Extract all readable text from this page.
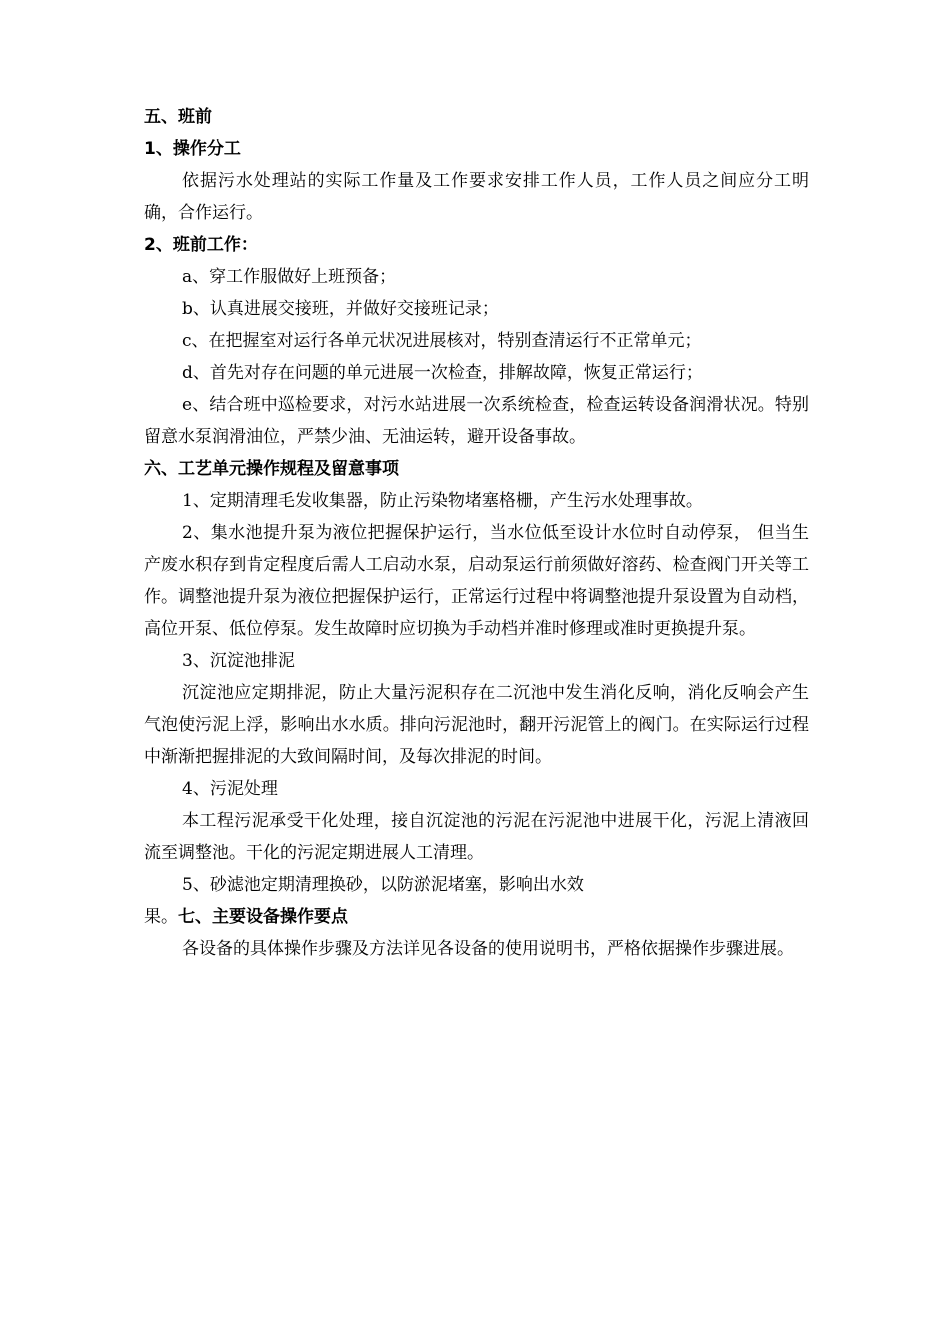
五、班前

1、操作分工

依据污水处理站的实际工作量及工作要求安排工作人员，工作人员之间应分工明确，合作运行。

2、班前工作：

a、穿工作服做好上班预备；

b、认真进展交接班，并做好交接班记录；

c、在把握室对运行各单元状况进展核对，特别查清运行不正常单元；

d、首先对存在问题的单元进展一次检查，排解故障，恢复正常运行；

e、结合班中巡检要求，对污水站进展一次系统检查，检查运转设备润滑状况。特别留意水泵润滑油位，严禁少油、无油运转，避开设备事故。

六、工艺单元操作规程及留意事项

1、定期清理毛发收集器，防止污染物堵塞格栅，产生污水处理事故。

2、集水池提升泵为液位把握保护运行，当水位低至设计水位时自动停泵， 但当生产废水积存到肯定程度后需人工启动水泵，启动泵运行前须做好溶药、检查阀门开关等工作。调整池提升泵为液位把握保护运行，正常运行过程中将调整池提升泵设置为自动档，高位开泵、低位停泵。发生故障时应切换为手动档并准时修理或准时更换提升泵。

3、沉淀池排泥

沉淀池应定期排泥，防止大量污泥积存在二沉池中发生消化反响，消化反响会产生气泡使污泥上浮，影响出水水质。排向污泥池时，翻开污泥管上的阀门。在实际运行过程中渐渐把握排泥的大致间隔时间，及每次排泥的时间。

4、污泥处理

本工程污泥承受干化处理，接自沉淀池的污泥在污泥池中进展干化，污泥上清液回流至调整池。干化的污泥定期进展人工清理。

5、砂滤池定期清理换砂，以防淤泥堵塞，影响出水效

果。七、主要设备操作要点

各设备的具体操作步骤及方法详见各设备的使用说明书，严格依据操作步骤进展。
